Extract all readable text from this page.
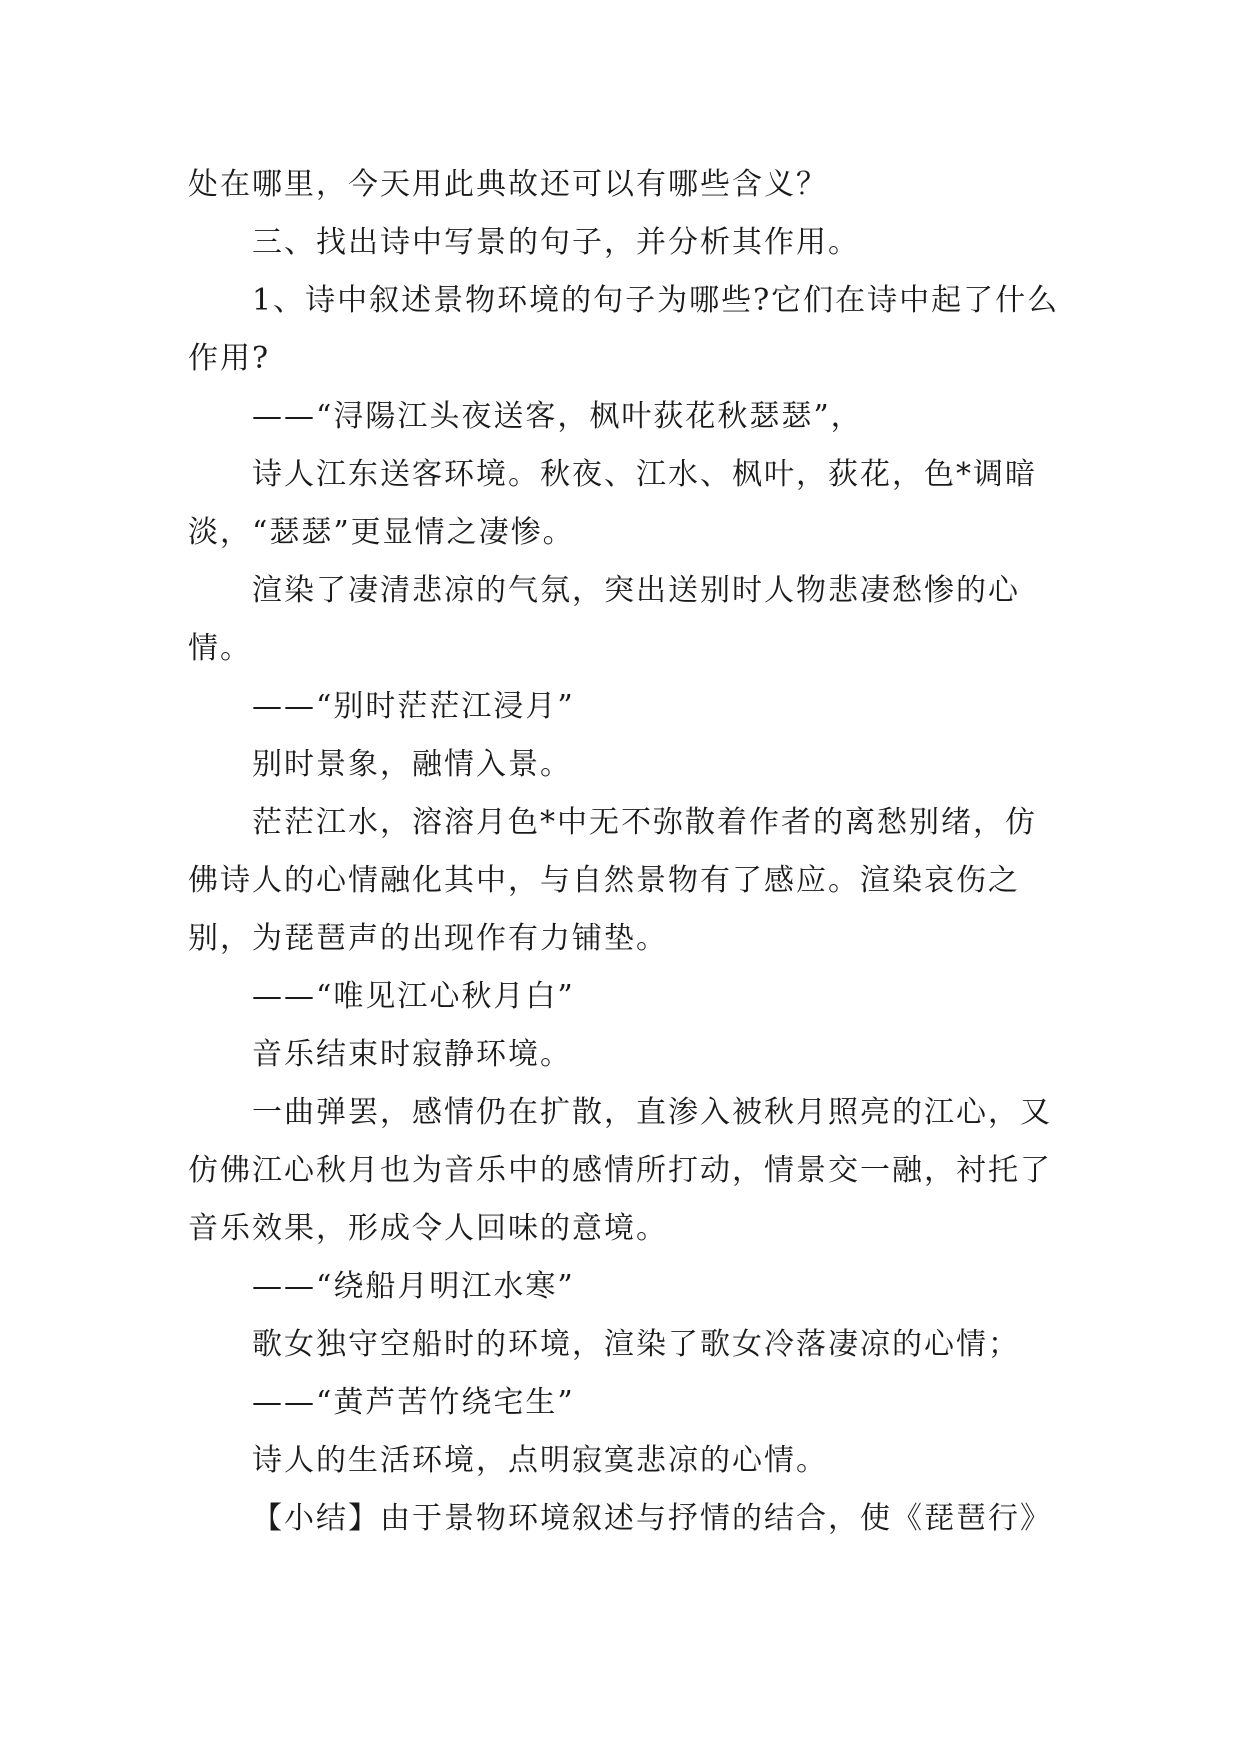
处在哪里，今天用此典故还可以有哪些含义？

三、找出诗中写景的句子，并分析其作用。

1、诗中叙述景物环境的句子为哪些?它们在诗中起了什么作用?

——“浔陽江头夜送客，枫叶荻花秋瑟瑟”，

诗人江东送客环境。秋夜、江水、枫叶，荻花，色*调暗淡，“瑟瑟”更显情之凄惨。

渲染了凄清悲凉的气氛，突出送别时人物悲凄愁惨的心情。

——“别时茫茫江浸月”

别时景象，融情入景。

茫茫江水，溶溶月色*中无不弥散着作者的离愁别绪，仿佛诗人的心情融化其中，与自然景物有了感应。渲染哀伤之别，为琵琶声的出现作有力铺垫。

——“唯见江心秋月白”

音乐结束时寂静环境。

一曲弹罢，感情仍在扩散，直渗入被秋月照亮的江心，又仿佛江心秋月也为音乐中的感情所打动，情景交一融，衬托了音乐效果，形成令人回味的意境。

——“绕船月明江水寒”

歌女独守空船时的环境，渲染了歌女冷落凄凉的心情；

——“黄芦苦竹绕宅生”

诗人的生活环境，点明寂寞悲凉的心情。

【小结】由于景物环境叙述与抒情的结合，使《琵琶行》
